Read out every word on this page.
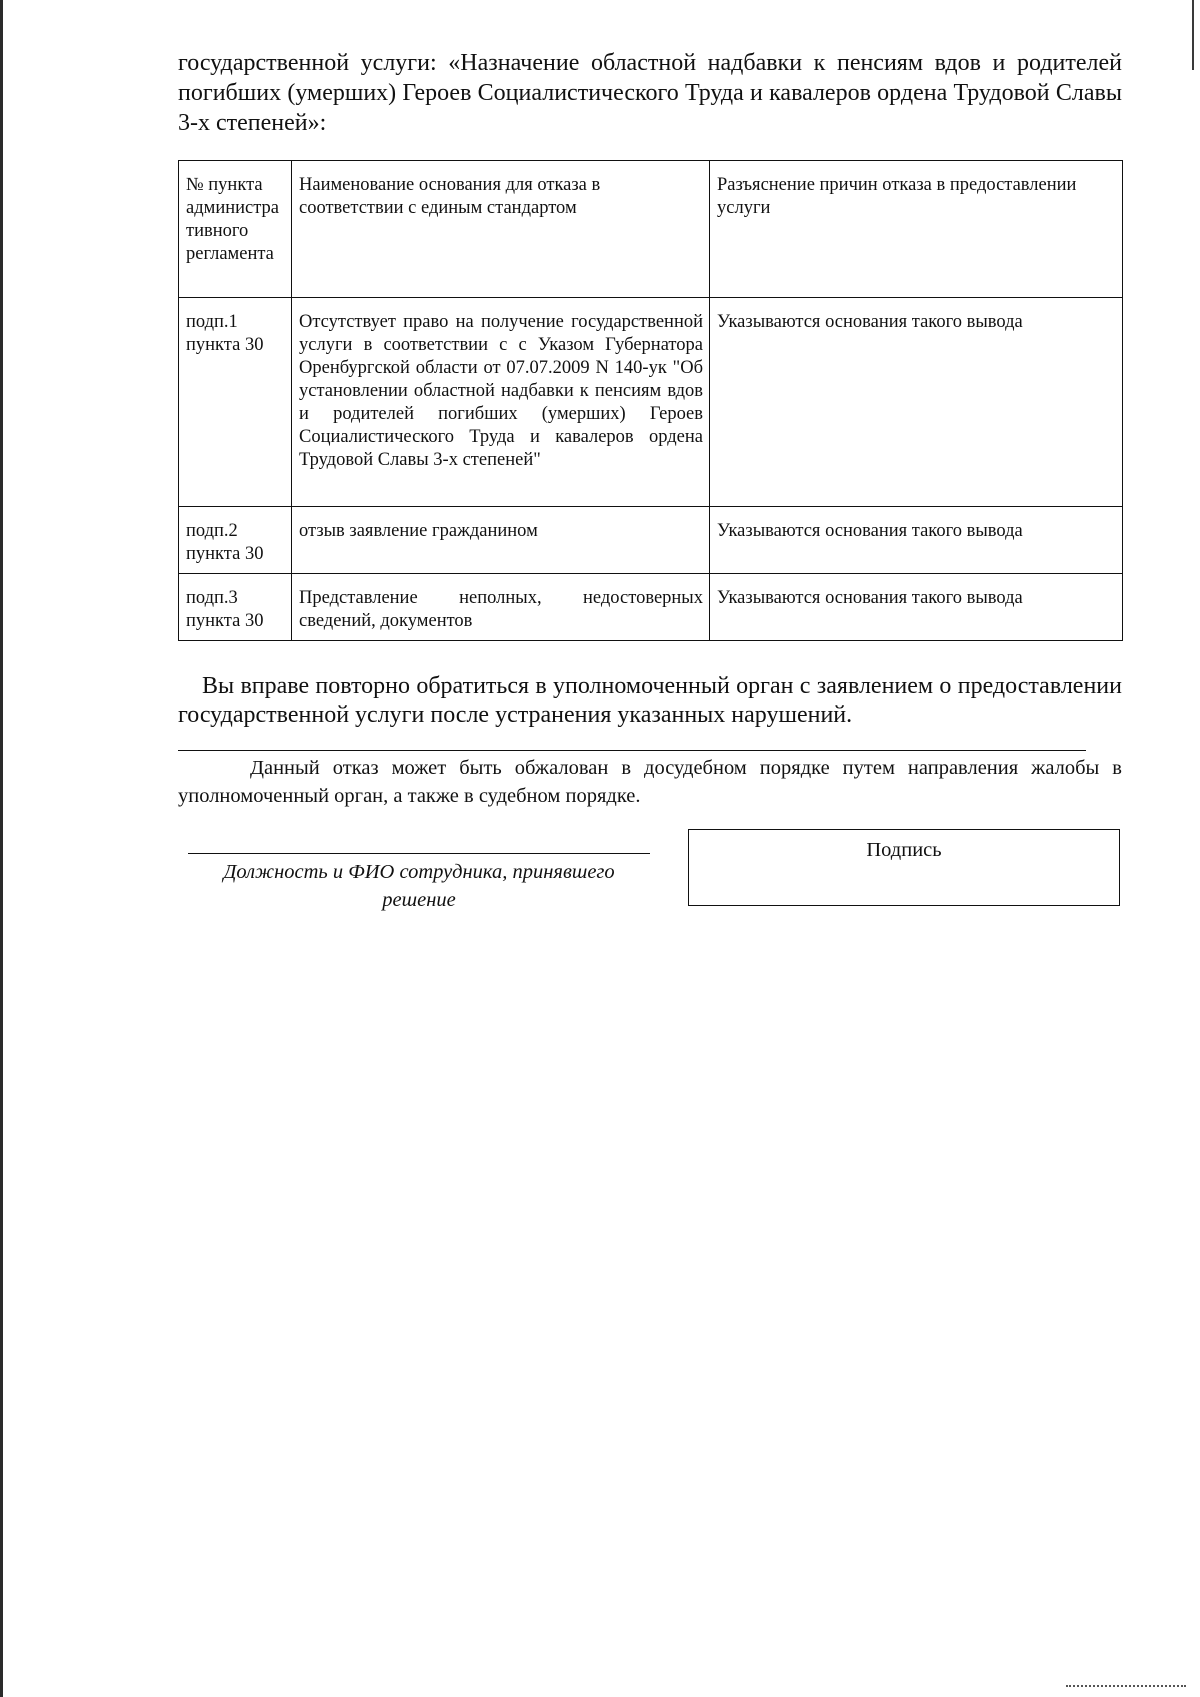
государственной услуги: «Назначение областной надбавки к пенсиям вдов и родителей погибших (умерших) Героев Социалистического Труда и кавалеров ордена Трудовой Славы 3-х степеней»:

№ пункта администра тивного регламента	Наименование основания для отказа в соответствии с единым стандартом	Разъяснение причин отказа в предоставлении услуги
подп.1 пункта 30	Отсутствует право на получение государственной услуги в соответствии с с Указом Губернатора Оренбургской области от 07.07.2009 N 140-ук "Об установлении областной надбавки к пенсиям вдов и родителей погибших (умерших) Героев Социалистического Труда и кавалеров ордена Трудовой Славы 3-х степеней"	Указываются основания такого вывода
подп.2 пункта 30	отзыв заявление гражданином	Указываются основания такого вывода
подп.3 пункта 30	Представление неполных, недостоверных сведений, документов	Указываются основания такого вывода

Вы вправе повторно обратиться в уполномоченный орган с заявлением о предоставлении государственной услуги после устранения указанных нарушений.

Данный отказ может быть обжалован в досудебном порядке путем направления жалобы в уполномоченный орган, а также в судебном порядке.

Должность и ФИО сотрудника, принявшего решение

Подпись
